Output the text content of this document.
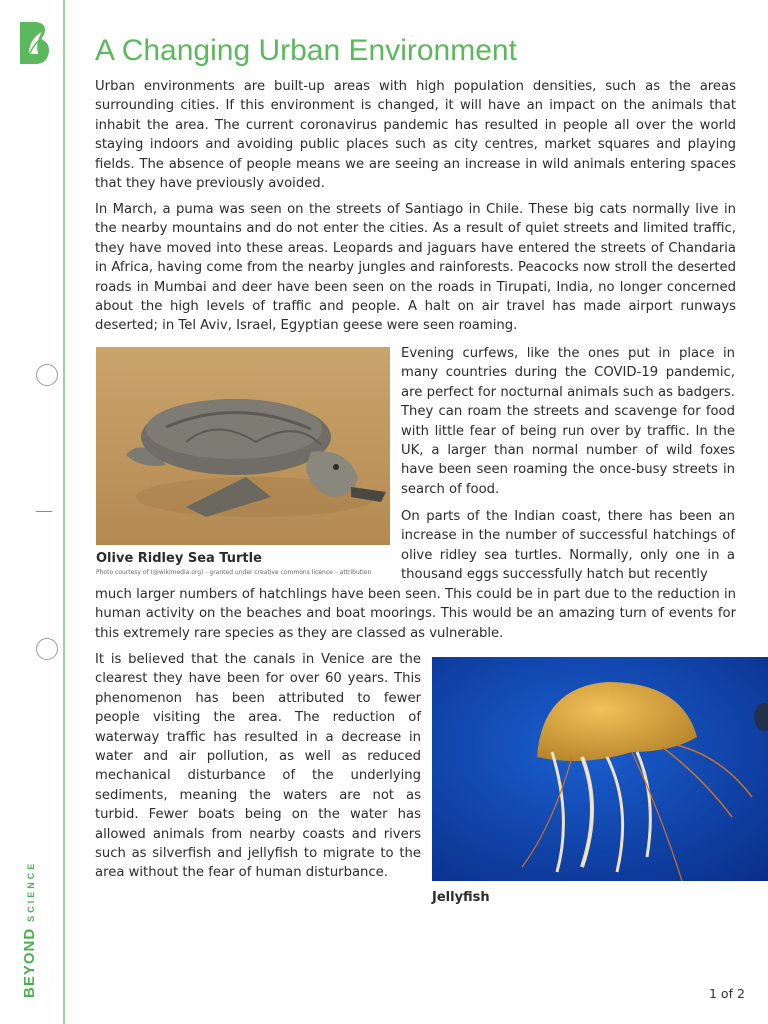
BEYONDSCIENCE
A Changing Urban Environment

Urban environments are built-up areas with high population densities, such as the areas surrounding cities. If this environment is changed, it will have an impact on the animals that inhabit the area. The current coronavirus pandemic has resulted in people all over the world staying indoors and avoiding public places such as city centres, market squares and playing fields. The absence of people means we are seeing an increase in wild animals entering spaces that they have previously avoided.

In March, a puma was seen on the streets of Santiago in Chile. These big cats normally live in the nearby mountains and do not enter the cities. As a result of quiet streets and limited traffic, they have moved into these areas. Leopards and jaguars have entered the streets of Chandaria in Africa, having come from the nearby jungles and rainforests. Peacocks now stroll the deserted roads in Mumbai and deer have been seen on the roads in Tirupati, India, no longer concerned about the high levels of traffic and people. A halt on air travel has made airport runways deserted; in Tel Aviv, Israel, Egyptian geese were seen roaming.

Evening curfews, like the ones put in place in many countries during the COVID-19 pandemic, are perfect for nocturnal animals such as badgers. They can roam the streets and scavenge for food with little fear of being run over by traffic. In the UK, a larger than normal number of wild foxes have been seen roaming the once-busy streets in search of food.

On parts of the Indian coast, there has been an increase in the number of successful hatchings of olive ridley sea turtles. Normally, only one in a thousand eggs successfully hatch but recently

Olive Ridley Sea Turtle
Photo courtesy of (@wikimedia.org) - granted under creative commons licence – attribution

much larger numbers of hatchlings have been seen. This could be in part due to the reduction in human activity on the beaches and boat moorings. This would be an amazing turn of events for this extremely rare species as they are classed as vulnerable.

It is believed that the canals in Venice are the clearest they have been for over 60 years. This phenomenon has been attributed to fewer people visiting the area. The reduction of waterway traffic has resulted in a decrease in water and air pollution, as well as reduced mechanical disturbance of the underlying sediments, meaning the waters are not as turbid. Fewer boats being on the water has allowed animals from nearby coasts and rivers such as silverfish and jellyfish to migrate to the area without the fear of human disturbance.

Jellyfish
1 of 2
